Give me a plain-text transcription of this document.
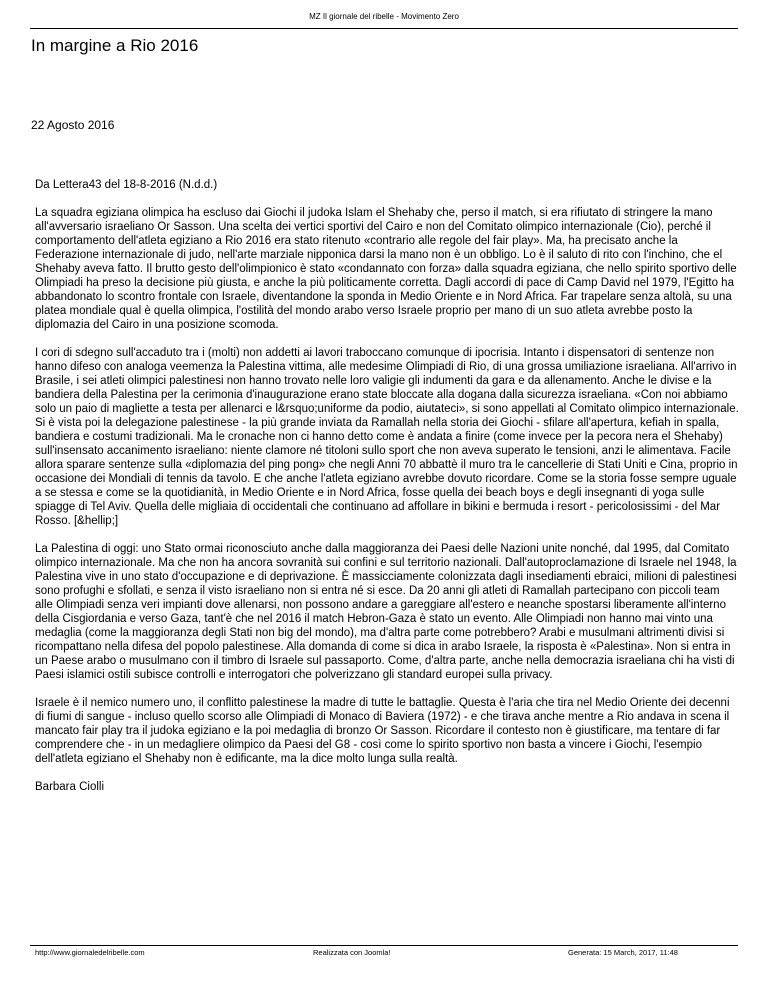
MZ Il giornale del ribelle - Movimento Zero
In margine a Rio 2016
22 Agosto 2016

Da Lettera43 del 18-8-2016 (N.d.d.)

La squadra egiziana olimpica ha escluso dai Giochi il judoka Islam el Shehaby che, perso il match, si era rifiutato di stringere la mano all'avversario israeliano Or Sasson. Una scelta dei vertici sportivi del Cairo e non del Comitato olimpico internazionale (Cio), perché il comportamento dell'atleta egiziano a Rio 2016 era stato ritenuto «contrario alle regole del fair play». Ma, ha precisato anche la Federazione internazionale di judo, nell'arte marziale nipponica darsi la mano non è un obbligo. Lo è il saluto di rito con l'inchino, che el Shehaby aveva fatto. Il brutto gesto dell'olimpionico è stato «condannato con forza» dalla squadra egiziana, che nello spirito sportivo delle Olimpiadi ha preso la decisione più giusta, e anche la più politicamente corretta. Dagli accordi di pace di Camp David nel 1979, l'Egitto ha abbandonato lo scontro frontale con Israele, diventandone la sponda in Medio Oriente e in Nord Africa. Far trapelare senza altolà, su una platea mondiale qual è quella olimpica, l'ostilità del mondo arabo verso Israele proprio per mano di un suo atleta avrebbe posto la diplomazia del Cairo in una posizione scomoda.

I cori di sdegno sull'accaduto tra i (molti) non addetti ai lavori traboccano comunque di ipocrisia. Intanto i dispensatori di sentenze non hanno difeso con analoga veemenza la Palestina vittima, alle medesime Olimpiadi di Rio, di una grossa umiliazione israeliana. All'arrivo in Brasile, i sei atleti olimpici palestinesi non hanno trovato nelle loro valigie gli indumenti da gara e da allenamento. Anche le divise e la bandiera della Palestina per la cerimonia d'inaugurazione erano state bloccate alla dogana dalla sicurezza israeliana. «Con noi abbiamo solo un paio di magliette a testa per allenarci e l&rsquo;uniforme da podio, aiutateci», si sono appellati al Comitato olimpico internazionale. Si è vista poi la delegazione palestinese - la più grande inviata da Ramallah nella storia dei Giochi - sfilare all'apertura, kefiah in spalla, bandiera e costumi tradizionali. Ma le cronache non ci hanno detto come è andata a finire (come invece per la pecora nera el Shehaby) sull'insensato accanimento israeliano: niente clamore né titoloni sullo sport che non aveva superato le tensioni, anzi le alimentava. Facile allora sparare sentenze sulla «diplomazia del ping pong» che negli Anni 70 abbattè il muro tra le cancellerie di Stati Uniti e Cina, proprio in occasione dei Mondiali di tennis da tavolo. E che anche l'atleta egiziano avrebbe dovuto ricordare. Come se la storia fosse sempre uguale a se stessa e come se la quotidianità, in Medio Oriente e in Nord Africa, fosse quella dei beach boys e degli insegnanti di yoga sulle spiagge di Tel Aviv. Quella delle migliaia di occidentali che continuano ad affollare in bikini e bermuda i resort - pericolosissimi - del Mar Rosso. [&hellip;]

La Palestina di oggi: uno Stato ormai riconosciuto anche dalla maggioranza dei Paesi delle Nazioni unite nonché, dal 1995, dal Comitato olimpico internazionale. Ma che non ha ancora sovranità sui confini e sul territorio nazionali. Dall'autoproclamazione di Israele nel 1948, la Palestina vive in uno stato d'occupazione e di deprivazione. È massicciamente colonizzata dagli insediamenti ebraici, milioni di palestinesi sono profughi e sfollati, e senza il visto israeliano non si entra né si esce. Da 20 anni gli atleti di Ramallah partecipano con piccoli team alle Olimpiadi senza veri impianti dove allenarsi, non possono andare a gareggiare all'estero e neanche spostarsi liberamente all'interno della Cisgiordania e verso Gaza, tant'è che nel 2016 il match Hebron-Gaza è stato un evento. Alle Olimpiadi non hanno mai vinto una medaglia (come la maggioranza degli Stati non big del mondo), ma d'altra parte come potrebbero? Arabi e musulmani altrimenti divisi si ricompattano nella difesa del popolo palestinese. Alla domanda di come si dica in arabo Israele, la risposta è «Palestina». Non si entra in un Paese arabo o musulmano con il timbro di Israele sul passaporto. Come, d'altra parte, anche nella democrazia israeliana chi ha visti di Paesi islamici ostili subisce controlli e interrogatori che polverizzano gli standard europei sulla privacy.

Israele è il nemico numero uno, il conflitto palestinese la madre di tutte le battaglie. Questa è l'aria che tira nel Medio Oriente dei decenni di fiumi di sangue - incluso quello scorso alle Olimpiadi di Monaco di Baviera (1972) - e che tirava anche mentre a Rio andava in scena il mancato fair play tra il judoka egiziano e la poi medaglia di bronzo Or Sasson. Ricordare il contesto non è giustificare, ma tentare di far comprendere che - in un medagliere olimpico da Paesi del G8 - così come lo spirito sportivo non basta a vincere i Giochi, l'esempio dell'atleta egiziano el Shehaby non è edificante, ma la dice molto lunga sulla realtà.

Barbara Ciolli

http://www.giornaledelribelle.com	Realizzata con Joomla!	Generata: 15 March, 2017, 11:48
